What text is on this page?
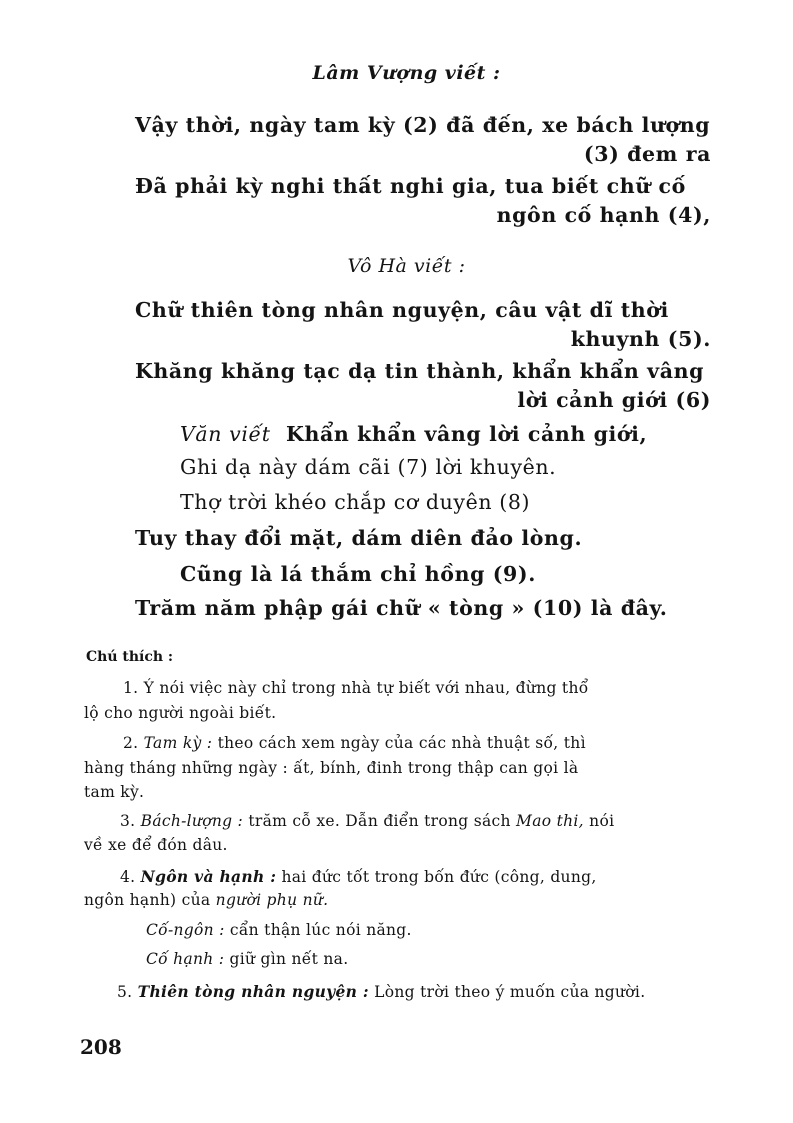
Lâm Vượng viết :

Vậy thời, ngày tam kỳ (2) đã đến, xe bách lượng

(3) đem ra

Đã phải kỳ nghi thất nghi gia, tua biết chữ cố

ngôn cố hạnh (4),

Vô Hà viết :

Chữ thiên tòng nhân nguyện, câu vật dĩ thời

khuynh (5).

Khăng khăng tạc dạ tin thành, khẩn khẩn vâng

lời cảnh giới (6)

Văn viết Khẩn khẩn vâng lời cảnh giới,

Ghi dạ này dám cãi (7) lời khuyên.

Thợ trời khéo chắp cơ duyên (8)

Tuy thay đổi mặt, dám diên đảo lòng.

Cũng là lá thắm chỉ hồng (9).

Trăm năm phập gái chữ « tòng » (10) là đây.

Chú thích :

1. Ý nói việc này chỉ trong nhà tự biết với nhau, đừng thổ

lộ cho người ngoài biết.

2. Tam kỳ : theo cách xem ngày của các nhà thuật số, thì

hàng tháng những ngày : ất, bính, đinh trong thập can gọi là

tam kỳ.

3. Bách-lượng : trăm cỗ xe. Dẫn điển trong sách Mao thi, nói

về xe để đón dâu.

4. Ngôn và hạnh : hai đức tốt trong bốn đức (công, dung,

ngôn hạnh) của người phụ nữ.

Cố-ngôn : cẩn thận lúc nói năng.

Cố hạnh : giữ gìn nết na.

5. Thiên tòng nhân nguyện : Lòng trời theo ý muốn của người.

208
